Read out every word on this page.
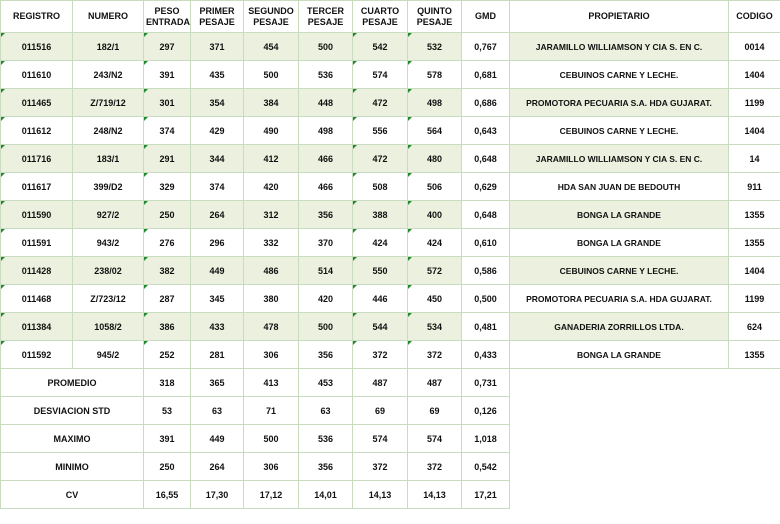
REGISTRO	NUMERO	PESO ENTRADA	PRIMER PESAJE	SEGUNDO PESAJE	TERCER PESAJE	CUARTO PESAJE	QUINTO PESAJE	GMD	PROPIETARIO	CODIGO
011516	182/1	297	371	454	500	542	532	0,767	JARAMILLO WILLIAMSON Y CIA S. EN C.	0014
011610	243/N2	391	435	500	536	574	578	0,681	CEBUINOS CARNE Y LECHE.	1404
011465	Z/719/12	301	354	384	448	472	498	0,686	PROMOTORA PECUARIA S.A. HDA GUJARAT.	1199
011612	248/N2	374	429	490	498	556	564	0,643	CEBUINOS CARNE Y LECHE.	1404
011716	183/1	291	344	412	466	472	480	0,648	JARAMILLO WILLIAMSON Y CIA S. EN C.	14
011617	399/D2	329	374	420	466	508	506	0,629	HDA SAN JUAN DE BEDOUTH	911
011590	927/2	250	264	312	356	388	400	0,648	BONGA LA GRANDE	1355
011591	943/2	276	296	332	370	424	424	0,610	BONGA LA GRANDE	1355
011428	238/02	382	449	486	514	550	572	0,586	CEBUINOS CARNE Y LECHE.	1404
011468	Z/723/12	287	345	380	420	446	450	0,500	PROMOTORA PECUARIA S.A. HDA GUJARAT.	1199
011384	1058/2	386	433	478	500	544	534	0,481	GANADERIA ZORRILLOS LTDA.	624
011592	945/2	252	281	306	356	372	372	0,433	BONGA LA GRANDE	1355
PROMEDIO		318	365	413	453	487	487	0,731		
DESVIACION STD		53	63	71	63	69	69	0,126		
MAXIMO		391	449	500	536	574	574	1,018		
MINIMO		250	264	306	356	372	372	0,542		
CV		16,55	17,30	17,12	14,01	14,13	14,13	17,21		
